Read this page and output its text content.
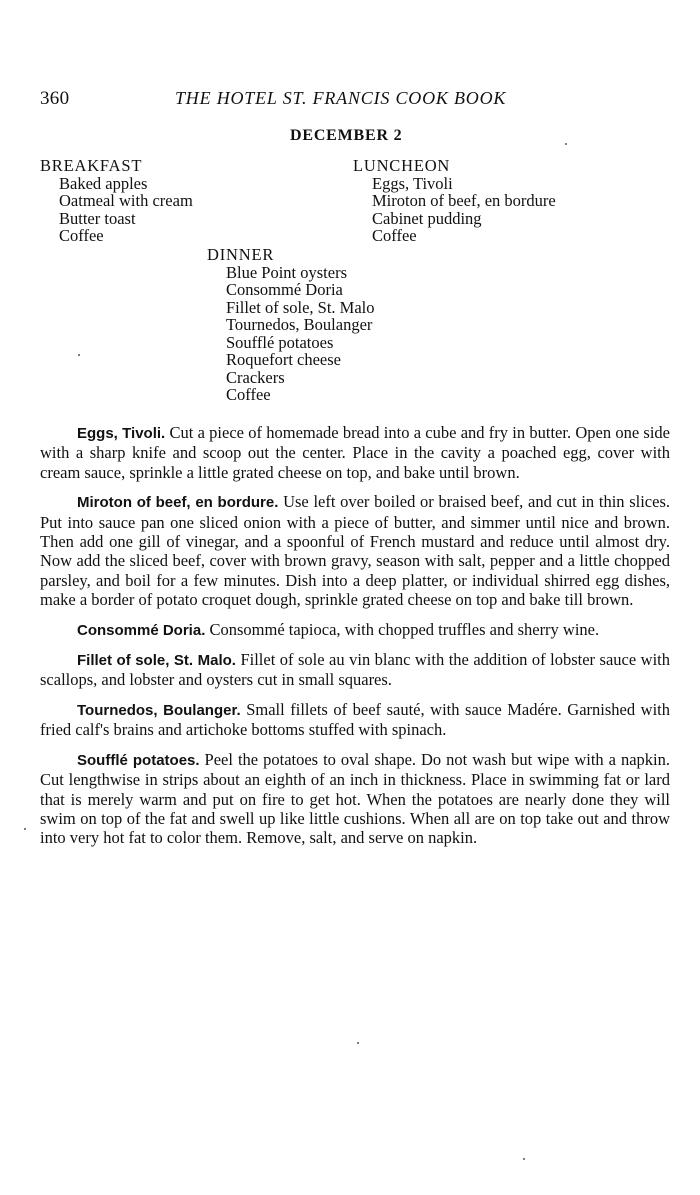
360	THE HOTEL ST. FRANCIS COOK BOOK
DECEMBER 2
BREAKFAST
Baked apples
Oatmeal with cream
Butter toast
Coffee
LUNCHEON
Eggs, Tivoli
Miroton of beef, en bordure
Cabinet pudding
Coffee
DINNER
Blue Point oysters
Consommé Doria
Fillet of sole, St. Malo
Tournedos, Boulanger
Soufflé potatoes
Roquefort cheese
Crackers
Coffee

Eggs, Tivoli. Cut a piece of homemade bread into a cube and fry in butter. Open one side with a sharp knife and scoop out the center. Place in the cavity a poached egg, cover with cream sauce, sprinkle a little grated cheese on top, and bake until brown.

Miroton of beef, en bordure. Use left over boiled or braised beef, and cut in thin slices. Put into sauce pan one sliced onion with a piece of butter, and simmer until nice and brown. Then add one gill of vinegar, and a spoonful of French mustard and reduce until almost dry. Now add the sliced beef, cover with brown gravy, season with salt, pepper and a little chopped parsley, and boil for a few minutes. Dish into a deep platter, or individual shirred egg dishes, make a border of potato croquet dough, sprinkle grated cheese on top and bake till brown.

Consommé Doria. Consommé tapioca, with chopped truffles and sherry wine.

Fillet of sole, St. Malo. Fillet of sole au vin blanc with the addition of lobster sauce with scallops, and lobster and oysters cut in small squares.

Tournedos, Boulanger. Small fillets of beef sauté, with sauce Madére. Garnished with fried calf's brains and artichoke bottoms stuffed with spinach.

Soufflé potatoes. Peel the potatoes to oval shape. Do not wash but wipe with a napkin. Cut lengthwise in strips about an eighth of an inch in thickness. Place in swimming fat or lard that is merely warm and put on fire to get hot. When the potatoes are nearly done they will swim on top of the fat and swell up like little cushions. When all are on top take out and throw into very hot fat to color them. Remove, salt, and serve on napkin.
